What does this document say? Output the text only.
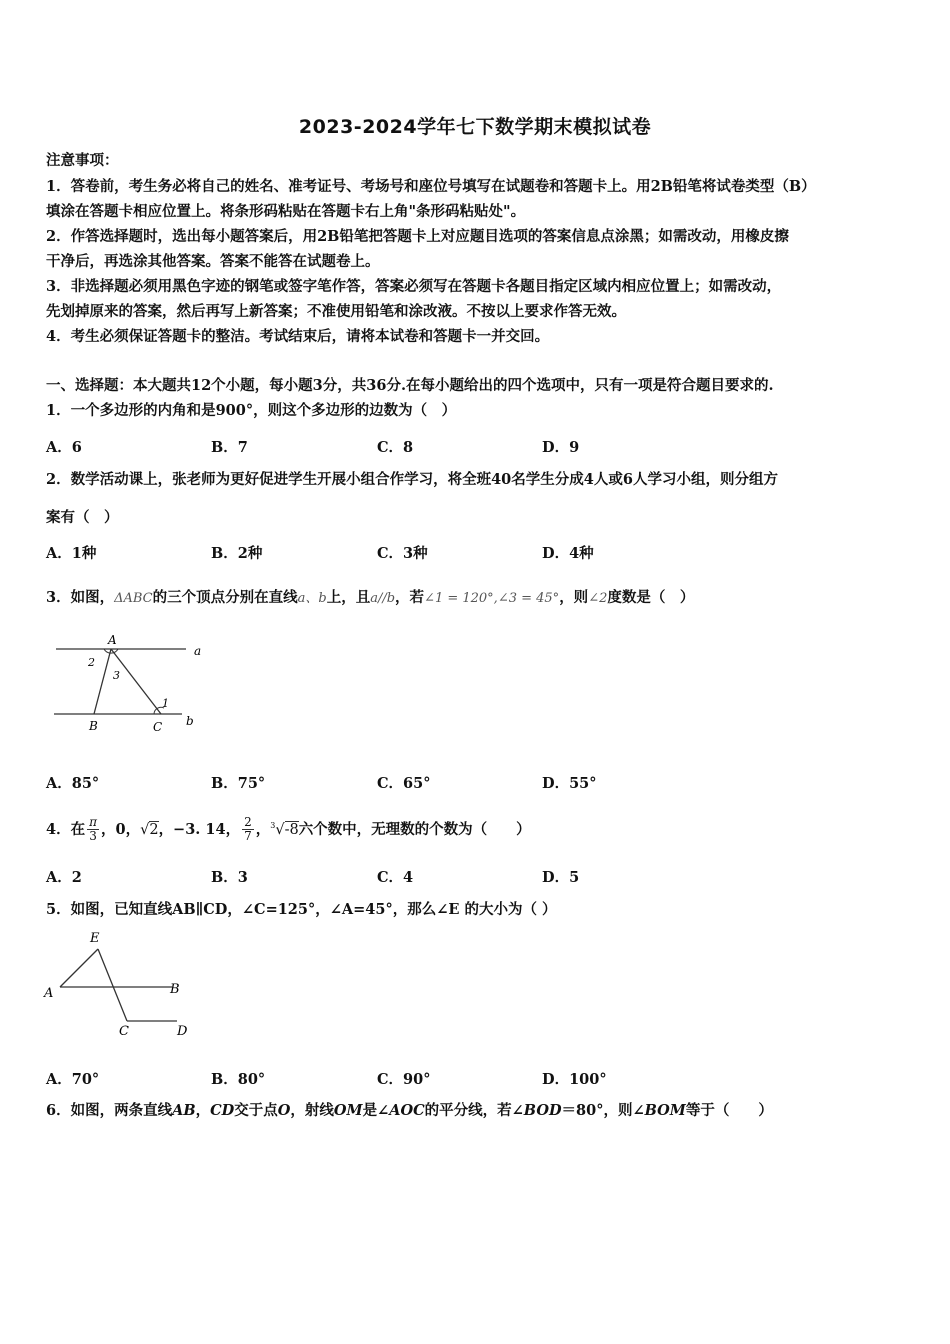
2023-2024学年七下数学期末模拟试卷
注意事项：
1．答卷前，考生务必将自己的姓名、准考证号、考场号和座位号填写在试题卷和答题卡上。用2B铅笔将试卷类型（B）
填涂在答题卡相应位置上。将条形码粘贴在答题卡右上角"条形码粘贴处"。
2．作答选择题时，选出每小题答案后，用2B铅笔把答题卡上对应题目选项的答案信息点涂黑；如需改动，用橡皮擦
干净后，再选涂其他答案。答案不能答在试题卷上。
3．非选择题必须用黑色字迹的钢笔或签字笔作答，答案必须写在答题卡各题目指定区域内相应位置上；如需改动，
先划掉原来的答案，然后再写上新答案；不准使用铅笔和涂改液。不按以上要求作答无效。
4．考生必须保证答题卡的整洁。考试结束后，请将本试卷和答题卡一并交回。
一、选择题：本大题共12个小题，每小题3分，共36分.在每小题给出的四个选项中，只有一项是符合题目要求的.
1．一个多边形的内角和是900°，则这个多边形的边数为（　）
A．6	B．7	C．8	D．9
2．数学活动课上，张老师为更好促进学生开展小组合作学习，将全班40名学生分成4人或6人学习小组，则分组方
案有（　）
A．1种	B．2种	C．3种	D．4种
3．如图，ΔABC的三个顶点分别在直线a、b上，且a//b，若∠1 = 120°,∠3 = 45°，则∠2度数是（　）
A
B	C
a
b
1
2
3
A．85°	B．75°	C．65°	D．55°
4．在 $\frac{\pi}{3}$ ，0，√2，−3. 14， $\frac{2}{7}$ ，$^3$√-8六个数中，无理数的个数为（　　）
A．2	B．3	C．4	D．5
5．如图，已知直线AB∥CD，∠C=125°，∠A=45°，那么∠E 的大小为（ ）
E
A	B
C	D
A．70°	B．80°	C．90°	D．100°
6．如图，两条直线AB，CD交于点O，射线OM是∠AOC的平分线，若∠BOD＝80°，则∠BOM等于（　　）
